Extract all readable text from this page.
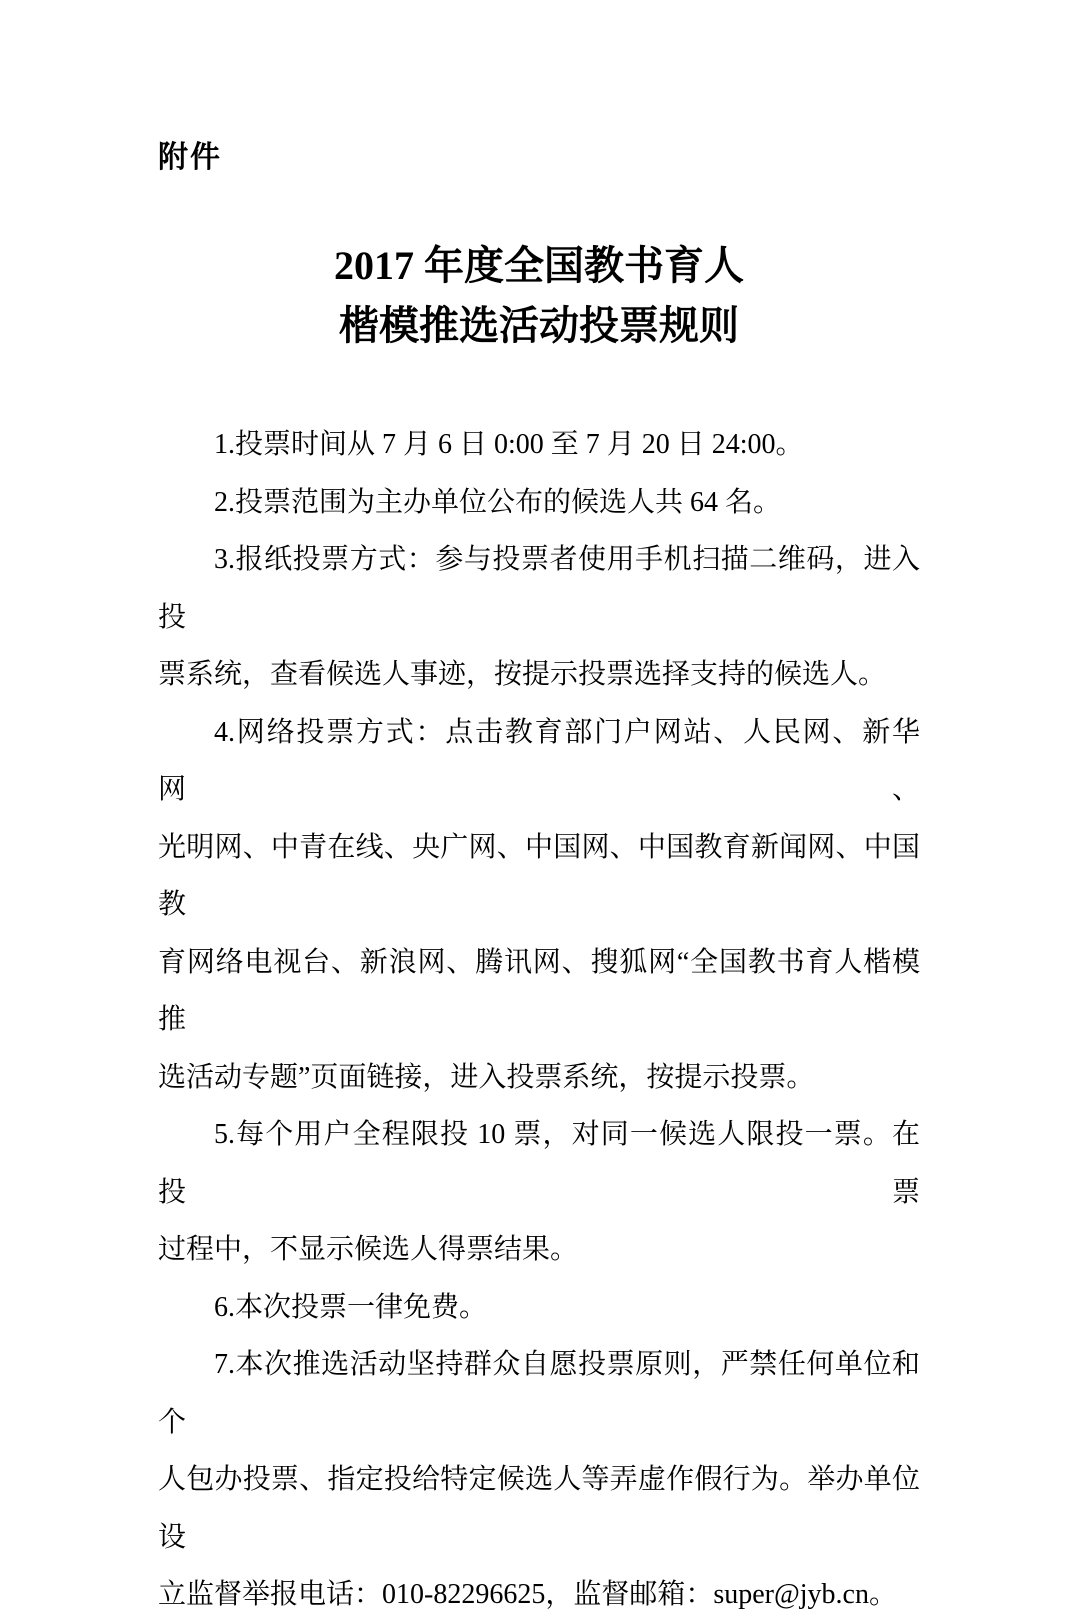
附件
2017 年度全国教书育人
楷模推选活动投票规则

1.投票时间从 7 月 6 日 0:00 至 7 月 20 日 24:00。

2.投票范围为主办单位公布的候选人共 64 名。

3.报纸投票方式：参与投票者使用手机扫描二维码，进入投

票系统，查看候选人事迹，按提示投票选择支持的候选人。

4.网络投票方式：点击教育部门户网站、人民网、新华网、

光明网、中青在线、央广网、中国网、中国教育新闻网、中国教

育网络电视台、新浪网、腾讯网、搜狐网“全国教书育人楷模推

选活动专题”页面链接，进入投票系统，按提示投票。

5.每个用户全程限投 10 票，对同一候选人限投一票。在投票

过程中，不显示候选人得票结果。

6.本次投票一律免费。

7.本次推选活动坚持群众自愿投票原则，严禁任何单位和个

人包办投票、指定投给特定候选人等弄虚作假行为。举办单位设

立监督举报电话：010-82296625，监督邮箱：super@jyb.cn。
